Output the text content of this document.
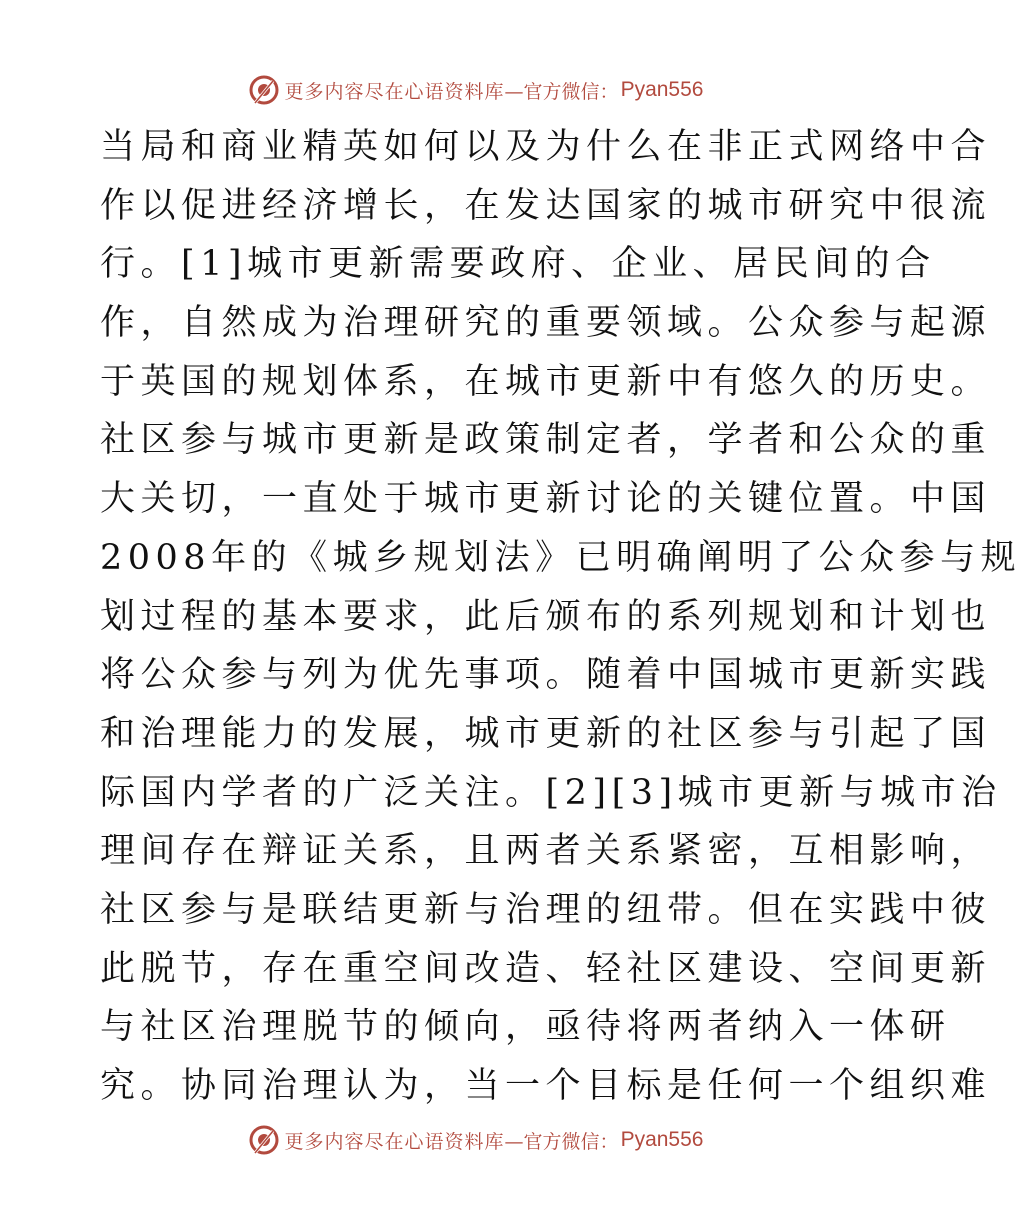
更多内容尽在心语资料库 —官方微信： Pyan556
当局和商业精英如何以及为什么在非正式网络中合
作以促进经济增长，在发达国家的城市研究中很流
行。[1]城市更新需要政府、企业、居民间的合
作，自然成为治理研究的重要领域。公众参与起源
于英国的规划体系，在城市更新中有悠久的历史。
社区参与城市更新是政策制定者，学者和公众的重
大关切，一直处于城市更新讨论的关键位置。中国
2008年的《城乡规划法》已明确阐明了公众参与规
划过程的基本要求，此后颁布的系列规划和计划也
将公众参与列为优先事项。随着中国城市更新实践
和治理能力的发展，城市更新的社区参与引起了国
际国内学者的广泛关注。[2][3]城市更新与城市治
理间存在辩证关系，且两者关系紧密，互相影响，
社区参与是联结更新与治理的纽带。但在实践中彼
此脱节，存在重空间改造、轻社区建设、空间更新
与社区治理脱节的倾向，亟待将两者纳入一体研
究。协同治理认为，当一个目标是任何一个组织难
更多内容尽在心语资料库 —官方微信： Pyan556
